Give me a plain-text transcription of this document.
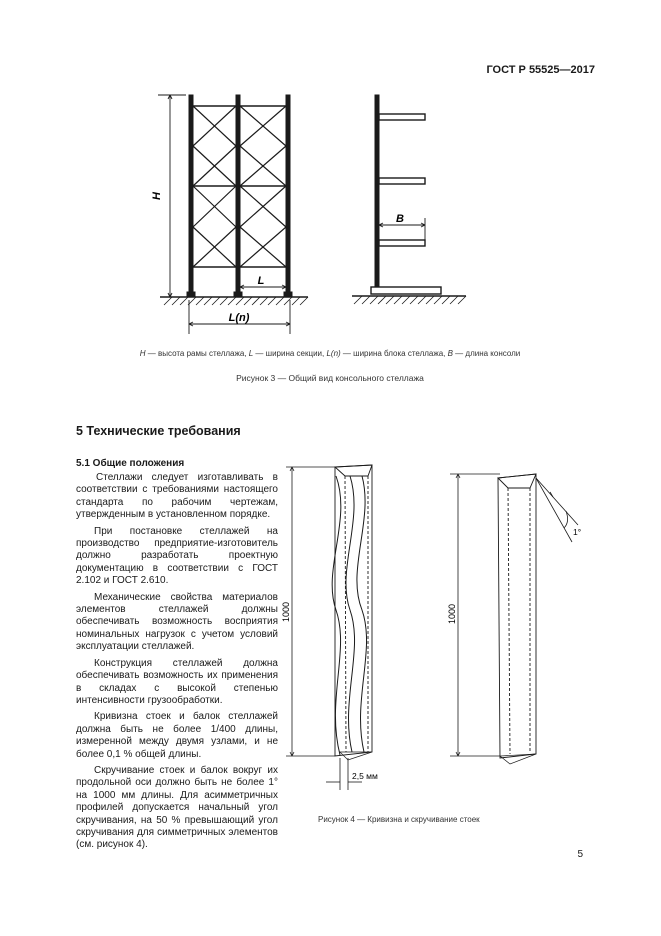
ГОСТ Р 55525—2017
H
L
L(n)
B
H — высота рамы стеллажа, L — ширина секции, L(n) — ширина блока стеллажа, B — длина консоли
Рисунок 3 — Общий вид консольного стеллажа
5 Технические требования
5.1 Общие положения

Стеллажи следует изготавливать в соответствии с требованиями настоящего стандарта по рабочим чертежам, утвержденным в установленном порядке.

При постановке стеллажей на производство предприятие-изготовитель должно разработать проектную документацию в соответствии с ГОСТ 2.102 и ГОСТ 2.610.

Механические свойства материалов элементов стеллажей должны обеспечивать возможность восприятия номинальных нагрузок с учетом условий эксплуатации стеллажей.

Конструкция стеллажей должна обеспечивать возможность их применения в складах с высокой степенью интенсивности грузообработки.

Кривизна стоек и балок стеллажей должна быть не более 1/400 длины, измеренной между двумя узлами, и не более 0,1 % общей длины.

Скручивание стоек и балок вокруг их продольной оси должно быть не более 1° на 1000 мм длины. Для асимметричных профилей допускается начальный угол скручивания, на 50 % превышающий угол скручивания для симметричных элементов (см. рисунок 4).

1000	1000
2,5 мм
1°
Рисунок 4 — Кривизна и скручивание стоек
5
